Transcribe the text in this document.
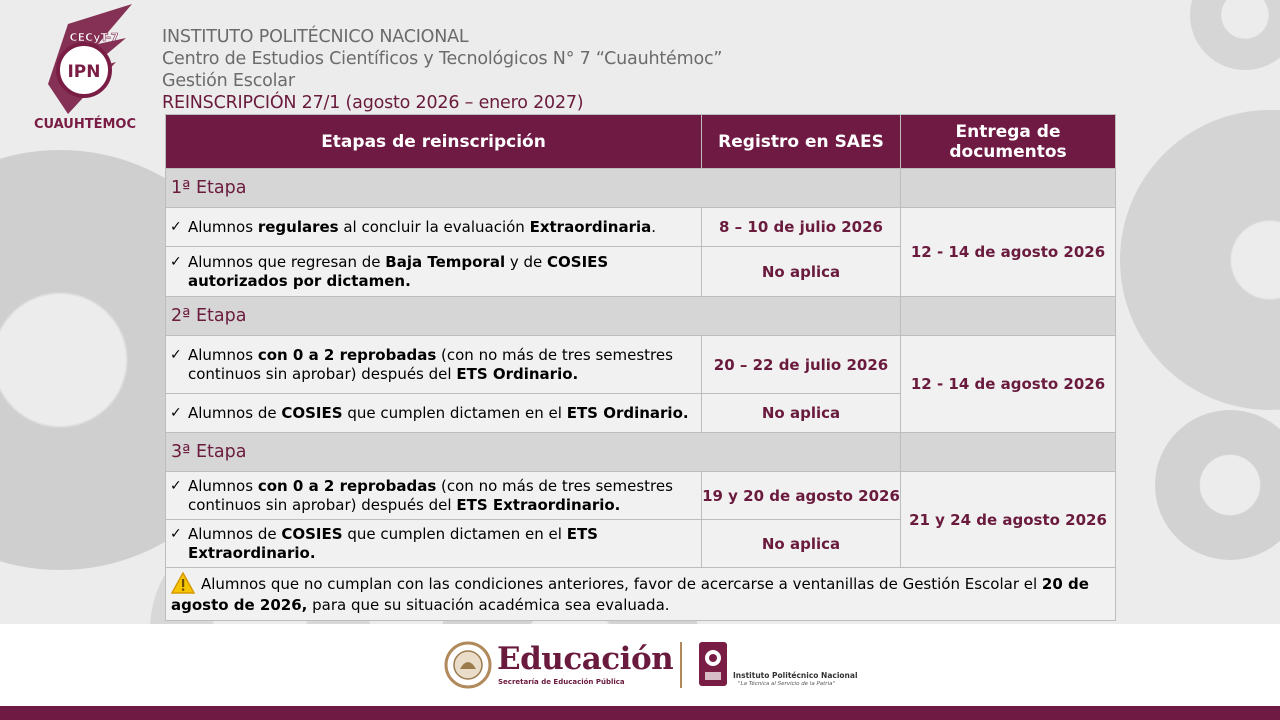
IPN
CECyT-7
CUAUHTÉMOC
INSTITUTO POLITÉCNICO NACIONAL
Centro de Estudios Científicos y Tecnológicos N° 7 “Cuauhtémoc”
Gestión Escolar
REINSCRIPCIÓN 27/1 (agosto 2026 – enero 2027)
Etapas de reinscripción	Registro en SAES	Entrega de
documentos

1ª Etapa		

✓ Alumnos regulares al concluir la evaluación Extraordinaria.	8 – 10 de julio 2026	12 - 14 de agosto 2026

✓ Alumnos que regresan de Baja Temporal y de COSIES autorizados por dictamen.	No aplica	
2ª Etapa		

✓ Alumnos con 0 a 2 reprobadas (con no más de tres semestres continuos sin aprobar) después del ETS Ordinario.	20 – 22 de julio 2026	12 - 14 de agosto 2026

✓ Alumnos de COSIES que cumplen dictamen en el ETS Ordinario.	No aplica	
3ª Etapa		

✓ Alumnos con 0 a 2 reprobadas (con no más de tres semestres continuos sin aprobar) después del ETS Extraordinario.	19 y 20 de agosto 2026	21 y 24 de agosto 2026

✓ Alumnos de COSIES que cumplen dictamen en el ETS Extraordinario.	No aplica	
Alumnos que no cumplan con las condiciones anteriores, favor de acercarse a ventanillas de Gestión Escolar el 20 de agosto de 2026, para que su situación académica sea evaluada.		
Educación
Secretaría de Educación Pública
Instituto Politécnico Nacional
"La Técnica al Servicio de la Patria"
